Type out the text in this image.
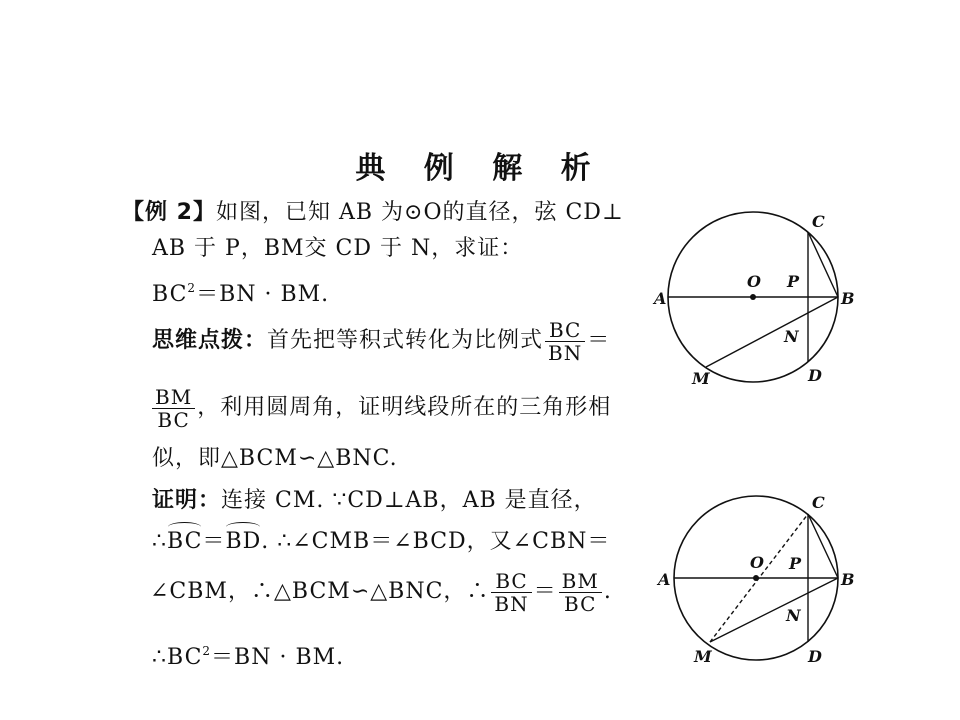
典 例 解 析
【例 2】如图，已知 AB 为⊙O的直径，弦 CD⊥
AB 于 P，BM交 CD 于 N，求证：
$BC^2=BN$ · BM.
思维点拨：首先把等积式转化为比例式 $\frac{BC}{BN}$ ＝
$\frac{BM}{BC}$ ，利用圆周角，证明线段所在的三角形相
似，即△BCM∽△BNC.
证明：连接 CM. ∵CD⊥AB，AB 是直径，
∴BC＝BD. ∴∠CMB＝∠BCD，又∠CBN＝
∠CBM，∴△BCM∽△BNC，∴ $\frac{BC}{BN} = \frac{BM}{BC}$ .
$\therefore BC^2=BN$ · BM.
C
O P
A	B
N
M	D
C
O P
A	B
N
M	D
